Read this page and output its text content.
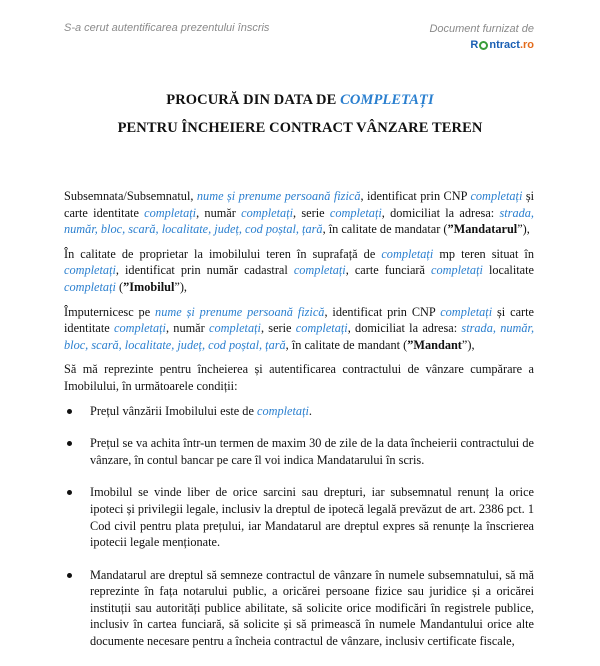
S-a cerut autentificarea prezentului înscris	Document furnizat de
R ntract .ro
PROCURĂ DIN DATA DE COMPLETAȚI
PENTRU ÎNCHEIERE CONTRACT VÂNZARE TEREN

Subsemnata/Subsemnatul, nume și prenume persoană fizică, identificat prin CNP completați și carte identitate completați, număr completați, serie completați, domiciliat la adresa: strada, număr, bloc, scară, localitate, județ, cod poștal, țară, în calitate de mandatar (”Mandatarul”),

În calitate de proprietar la imobilului teren în suprafață de completați mp teren situat în completați, identificat prin număr cadastral completați, carte funciară completați localitate completați (”Imobilul”),

Împuternicesc pe nume și prenume persoană fizică, identificat prin CNP completați și carte identitate completați, număr completați, serie completați, domiciliat la adresa: strada, număr, bloc, scară, localitate, județ, cod poștal, țară, în calitate de mandant (”Mandant”),

Să mă reprezinte pentru încheierea și autentificarea contractului de vânzare cumpărare a Imobilului, în următoarele condiții:

Prețul vânzării Imobilului este de completați.
Prețul se va achita într-un termen de maxim 30 de zile de la data încheierii contractului de vânzare, în contul bancar pe care îl voi indica Mandatarului în scris.
Imobilul se vinde liber de orice sarcini sau drepturi, iar subsemnatul renunț la orice ipoteci și privilegii legale, inclusiv la dreptul de ipotecă legală prevăzut de art. 2386 pct. 1 Cod civil pentru plata prețului, iar Mandatarul are dreptul expres să renunțe la înscrierea ipotecii legale menționate.
Mandatarul are dreptul să semneze contractul de vânzare în numele subsemnatului, să mă reprezinte în fața notarului public, a oricărei persoane fizice sau juridice și a oricărei instituții sau autorități publice abilitate, să solicite orice modificări în registrele publice, inclusiv în cartea funciară, să solicite și să primească în numele Mandantului orice alte documente necesare pentru a încheia contractul de vânzare, inclusiv certificate fiscale,
